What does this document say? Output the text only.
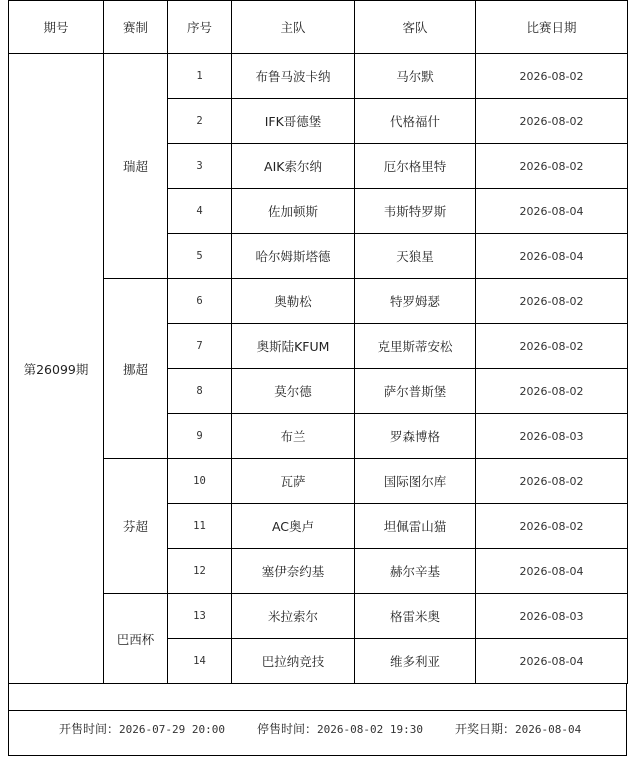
期号	赛制	序号	主队	客队	比赛日期
第26099期	瑞超	1	布鲁马波卡纳	马尔默	2026-08-02
		2	IFK哥德堡	代格福什	2026-08-02
		3	AIK索尔纳	厄尔格里特	2026-08-02
		4	佐加顿斯	韦斯特罗斯	2026-08-04
		5	哈尔姆斯塔德	天狼星	2026-08-04
	挪超	6	奥勒松	特罗姆瑟	2026-08-02
		7	奥斯陆KFUM	克里斯蒂安松	2026-08-02
		8	莫尔德	萨尔普斯堡	2026-08-02
		9	布兰	罗森博格	2026-08-03
	芬超	10	瓦萨	国际图尔库	2026-08-02
		11	AC奥卢	坦佩雷山猫	2026-08-02
		12	塞伊奈约基	赫尔辛基	2026-08-04
	巴西杯	13	米拉索尔	格雷米奥	2026-08-03
		14	巴拉纳竞技	维多利亚	2026-08-04
开售时间：2026-07-29 20:00	停售时间：2026-08-02 19:30	开奖日期：2026-08-04
